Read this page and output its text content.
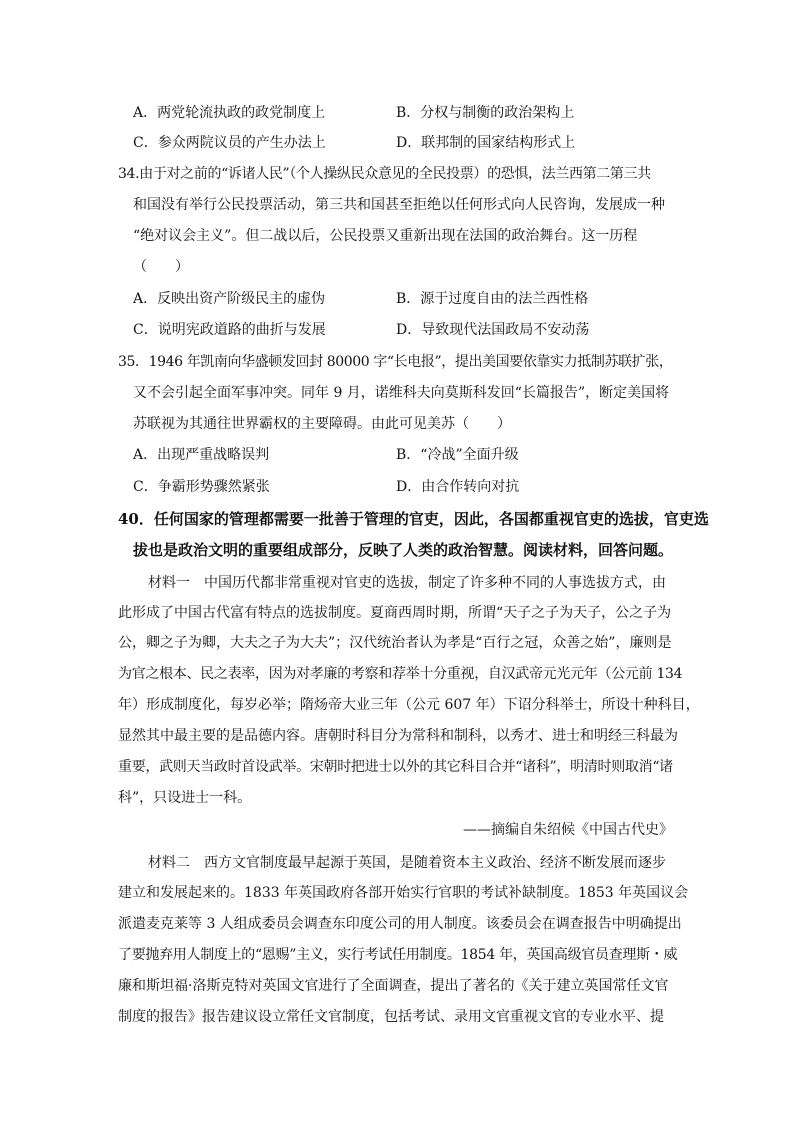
A．两党轮流执政的政党制度上	B．分权与制衡的政治架构上
C．参众两院议员的产生办法上	D．联邦制的国家结构形式上
34.由于对之前的“诉诸人民”（个人操纵民众意见的全民投票）的恐惧，法兰西第二第三共
和国没有举行公民投票活动，第三共和国甚至拒绝以任何形式向人民咨询，发展成一种
“绝对议会主义”。但二战以后，公民投票又重新出现在法国的政治舞台。这一历程
（　　）
A．反映出资产阶级民主的虚伪	B．源于过度自由的法兰西性格
C．说明宪政道路的曲折与发展	D．导致现代法国政局不安动荡
35．1946 年凯南向华盛顿发回封 80000 字“长电报”，提出美国要依靠实力抵制苏联扩张，
又不会引起全面军事冲突。同年 9 月，诺维科夫向莫斯科发回“长篇报告”，断定美国将
苏联视为其通往世界霸权的主要障碍。由此可见美苏（　　）
A．出现严重战略误判	B．“冷战”全面升级
C．争霸形势骤然紧张	D．由合作转向对抗
40．任何国家的管理都需要一批善于管理的官吏，因此，各国都重视官吏的选拔，官吏选
拔也是政治文明的重要组成部分，反映了人类的政治智慧。阅读材料，回答问题。
材料一　中国历代都非常重视对官吏的选拔，制定了许多种不同的人事选拔方式，由
此形成了中国古代富有特点的选拔制度。夏商西周时期，所谓“天子之子为天子，公之子为
公，卿之子为卿，大夫之子为大夫”；汉代统治者认为孝是“百行之冠，众善之始”，廉则是
为官之根本、民之表率，因为对孝廉的考察和荐举十分重视，自汉武帝元光元年（公元前 134
年）形成制度化，每岁必举；隋炀帝大业三年（公元 607 年）下诏分科举士，所设十种科目，
显然其中最主要的是品德内容。唐朝时科目分为常科和制科，以秀才、进士和明经三科最为
重要，武则天当政时首设武举。宋朝时把进士以外的其它科目合并“诸科”，明清时则取消“诸
科”，只设进士一科。
——摘编自朱绍候《中国古代史》
材料二　西方文官制度最早起源于英国，是随着资本主义政治、经济不断发展而逐步
建立和发展起来的。1833 年英国政府各部开始实行官职的考试补缺制度。1853 年英国议会
派遣麦克莱等 3 人组成委员会调查东印度公司的用人制度。该委员会在调查报告中明确提出
了要抛弃用人制度上的“恩赐”主义，实行考试任用制度。1854 年，英国高级官员查理斯・威
廉和斯坦福·洛斯克特对英国文官进行了全面调查，提出了著名的《关于建立英国常任文官
制度的报告》报告建议设立常任文官制度，包括考试、录用文官重视文官的专业水平、提
